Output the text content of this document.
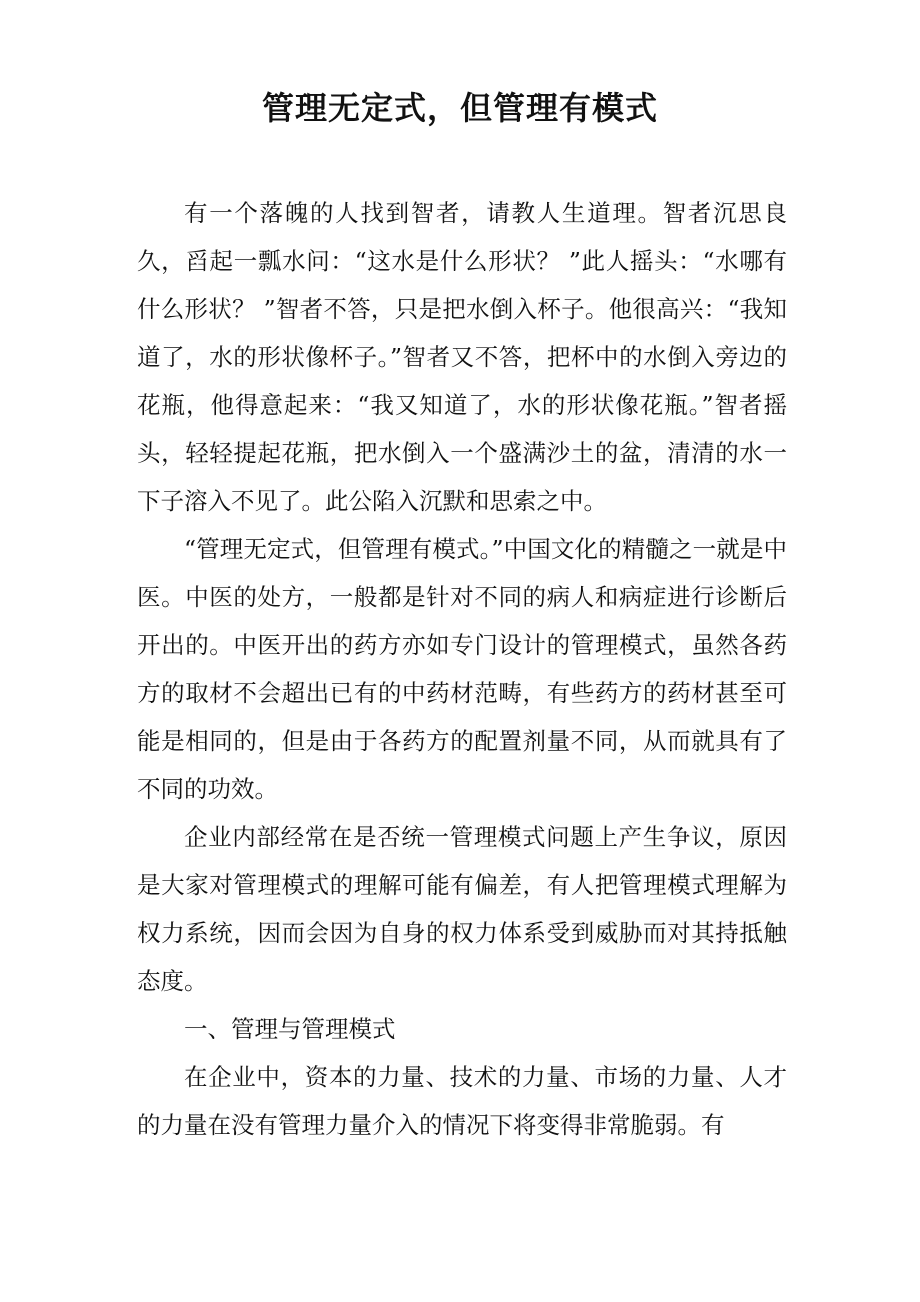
管理无定式，但管理有模式

有一个落魄的人找到智者，请教人生道理。智者沉思良久，舀起一瓢水问：“这水是什么形状？ ”此人摇头：“水哪有什么形状？ ”智者不答，只是把水倒入杯子。他很高兴：“我知道了，水的形状像杯子。”智者又不答，把杯中的水倒入旁边的花瓶，他得意起来：“我又知道了，水的形状像花瓶。”智者摇头，轻轻提起花瓶，把水倒入一个盛满沙土的盆，清清的水一下子溶入不见了。此公陷入沉默和思索之中。

“管理无定式，但管理有模式。”中国文化的精髓之一就是中医。中医的处方，一般都是针对不同的病人和病症进行诊断后开出的。中医开出的药方亦如专门设计的管理模式，虽然各药方的取材不会超出已有的中药材范畴，有些药方的药材甚至可能是相同的，但是由于各药方的配置剂量不同，从而就具有了不同的功效。

企业内部经常在是否统一管理模式问题上产生争议，原因是大家对管理模式的理解可能有偏差，有人把管理模式理解为权力系统，因而会因为自身的权力体系受到威胁而对其持抵触态度。

一、管理与管理模式

在企业中，资本的力量、技术的力量、市场的力量、人才的力量在没有管理力量介入的情况下将变得非常脆弱。有
